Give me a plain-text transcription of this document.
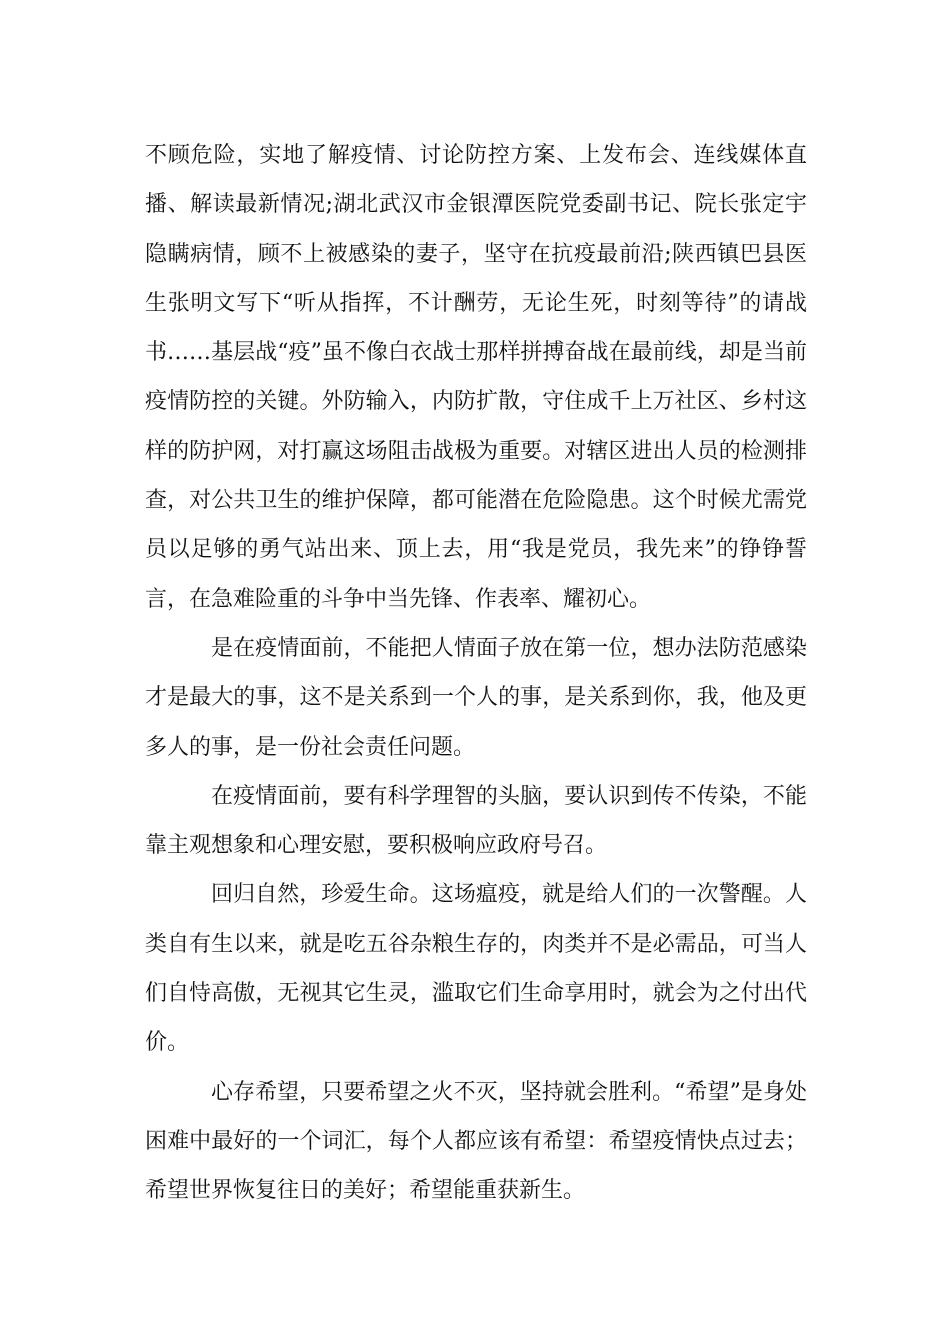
不顾危险，实地了解疫情、讨论防控方案、上发布会、连线媒体直播、解读最新情况;湖北武汉市金银潭医院党委副书记、院长张定宇隐瞒病情，顾不上被感染的妻子，坚守在抗疫最前沿;陕西镇巴县医生张明文写下“听从指挥，不计酬劳，无论生死，时刻等待”的请战书……基层战“疫”虽不像白衣战士那样拼搏奋战在最前线，却是当前疫情防控的关键。外防输入，内防扩散，守住成千上万社区、乡村这样的防护网，对打赢这场阻击战极为重要。对辖区进出人员的检测排查，对公共卫生的维护保障，都可能潜在危险隐患。这个时候尤需党员以足够的勇气站出来、顶上去，用“我是党员，我先来”的铮铮誓言，在急难险重的斗争中当先锋、作表率、耀初心。

是在疫情面前，不能把人情面子放在第一位，想办法防范感染才是最大的事，这不是关系到一个人的事，是关系到你，我，他及更多人的事，是一份社会责任问题。

在疫情面前，要有科学理智的头脑，要认识到传不传染，不能靠主观想象和心理安慰，要积极响应政府号召。

回归自然，珍爱生命。这场瘟疫，就是给人们的一次警醒。人类自有生以来，就是吃五谷杂粮生存的，肉类并不是必需品，可当人们自恃高傲，无视其它生灵，滥取它们生命享用时，就会为之付出代价。

心存希望，只要希望之火不灭，坚持就会胜利。“希望”是身处困难中最好的一个词汇，每个人都应该有希望：希望疫情快点过去；希望世界恢复往日的美好；希望能重获新生。
